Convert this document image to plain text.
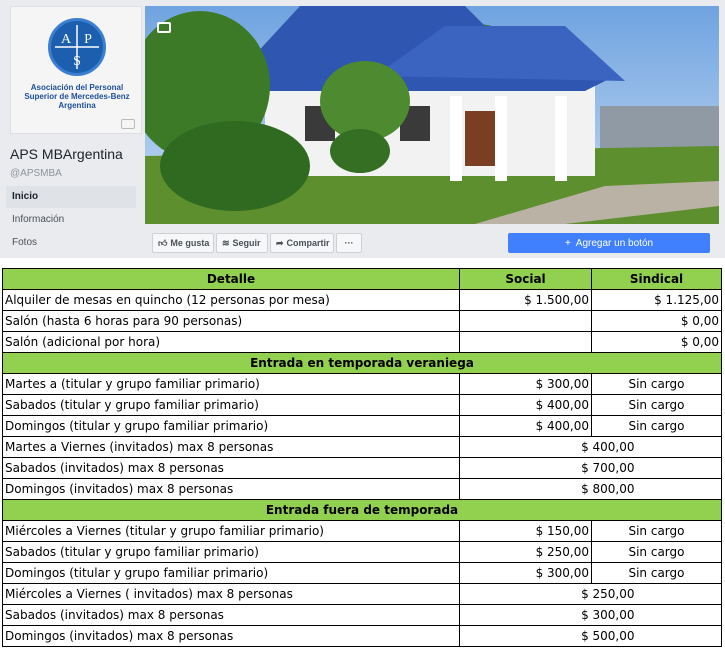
A P
S
Asociación del Personal
Superior de Mercedes-Benz
Argentina
APS MBArgentina
@APSMBA
Inicio
Información
Fotos	👍︎ Me gusta ≋ Seguir ➦ Compartir ···	+ Agregar un botón
Detalle	Social	Sindical
Alquiler de mesas en quincho (12 personas por mesa)	$ 1.500,00	$ 1.125,00
Salón (hasta 6 horas para 90 personas)		$ 0,00
Salón (adicional por hora)		$ 0,00
Entrada en temporada veraniega		
Martes a (titular y grupo familiar primario)	$ 300,00	Sin cargo
Sabados (titular y grupo familiar primario)	$ 400,00	Sin cargo
Domingos (titular y grupo familiar primario)	$ 400,00	Sin cargo
Martes a Viernes (invitados) max 8 personas	$ 400,00	
Sabados (invitados) max 8 personas	$ 700,00	
Domingos (invitados) max 8 personas	$ 800,00	
Entrada fuera de temporada		
Miércoles a Viernes (titular y grupo familiar primario)	$ 150,00	Sin cargo
Sabados (titular y grupo familiar primario)	$ 250,00	Sin cargo
Domingos (titular y grupo familiar primario)	$ 300,00	Sin cargo
Miércoles a Viernes ( invitados) max 8 personas	$ 250,00	
Sabados (invitados) max 8 personas	$ 300,00	
Domingos (invitados) max 8 personas	$ 500,00	
